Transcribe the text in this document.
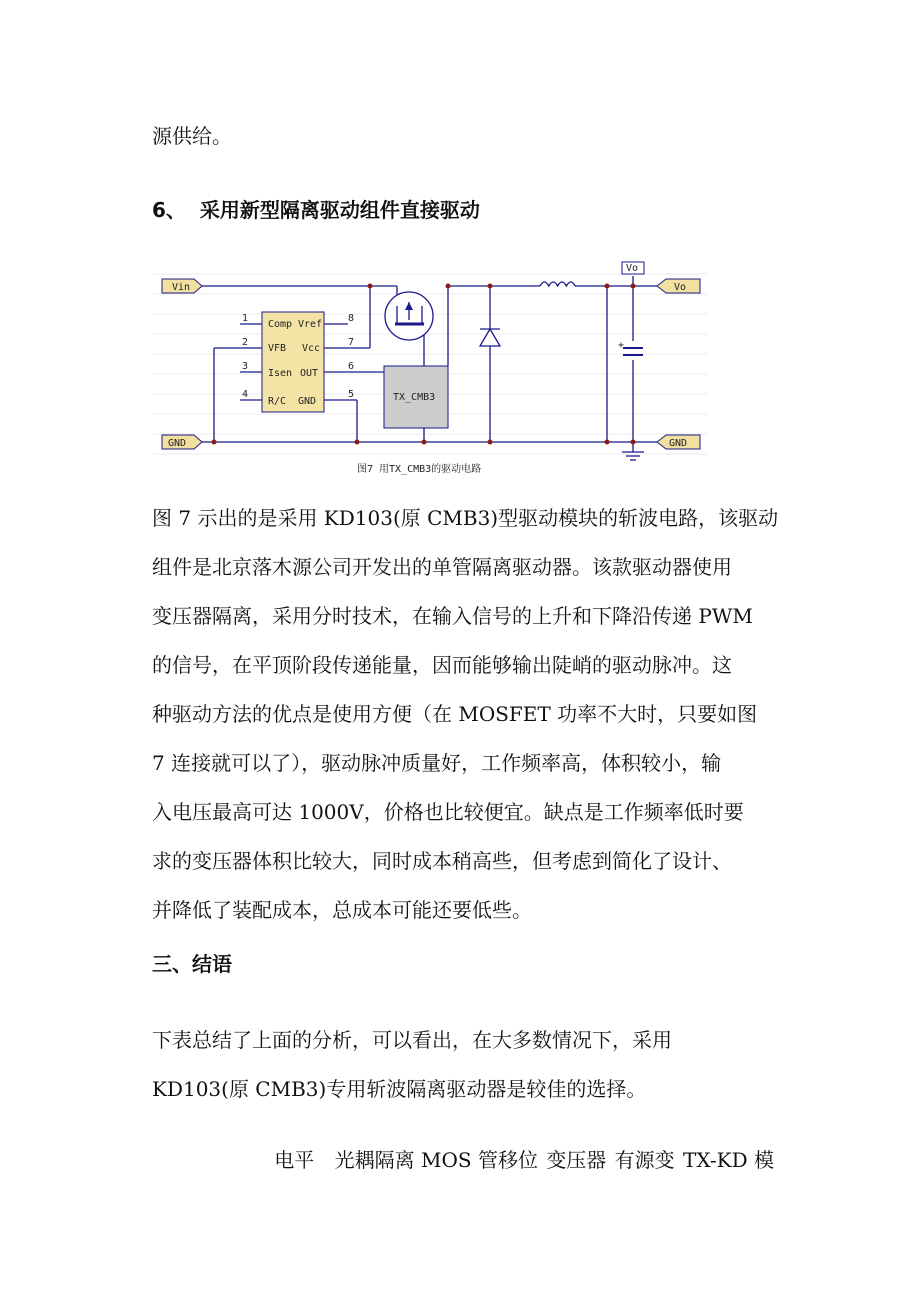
源供给。

6、  采用新型隔离驱动组件直接驱动
Vin	Vo
Vo
GND	GND
Comp Vref
VFB Vcc
Isen OUT
R/C GND
1
2
3
4
8
7
6
5	TX_CMB3
+
图7 用TX_CMB3的驱动电路
图 7 示出的是采用 KD103(原 CMB3)型驱动模块的斩波电路，该驱动
组件是北京落木源公司开发出的单管隔离驱动器。该款驱动器使用
变压器隔离，采用分时技术，在输入信号的上升和下降沿传递 PWM
的信号，在平顶阶段传递能量，因而能够输出陡峭的驱动脉冲。这
种驱动方法的优点是使用方便（在 MOSFET 功率不大时，只要如图
7 连接就可以了），驱动脉冲质量好，工作频率高，体积较小，输
入电压最高可达 1000V，价格也比较便宜。缺点是工作频率低时要
求的变压器体积比较大，同时成本稍高些，但考虑到简化了设计、
并降低了装配成本，总成本可能还要低些。
三、结语
下表总结了上面的分析，可以看出，在大多数情况下，采用
KD103(原 CMB3)专用斩波隔离驱动器是较佳的选择。
电平 光耦隔离 MOS 管移位 变压器 有源变 TX-KD 模
